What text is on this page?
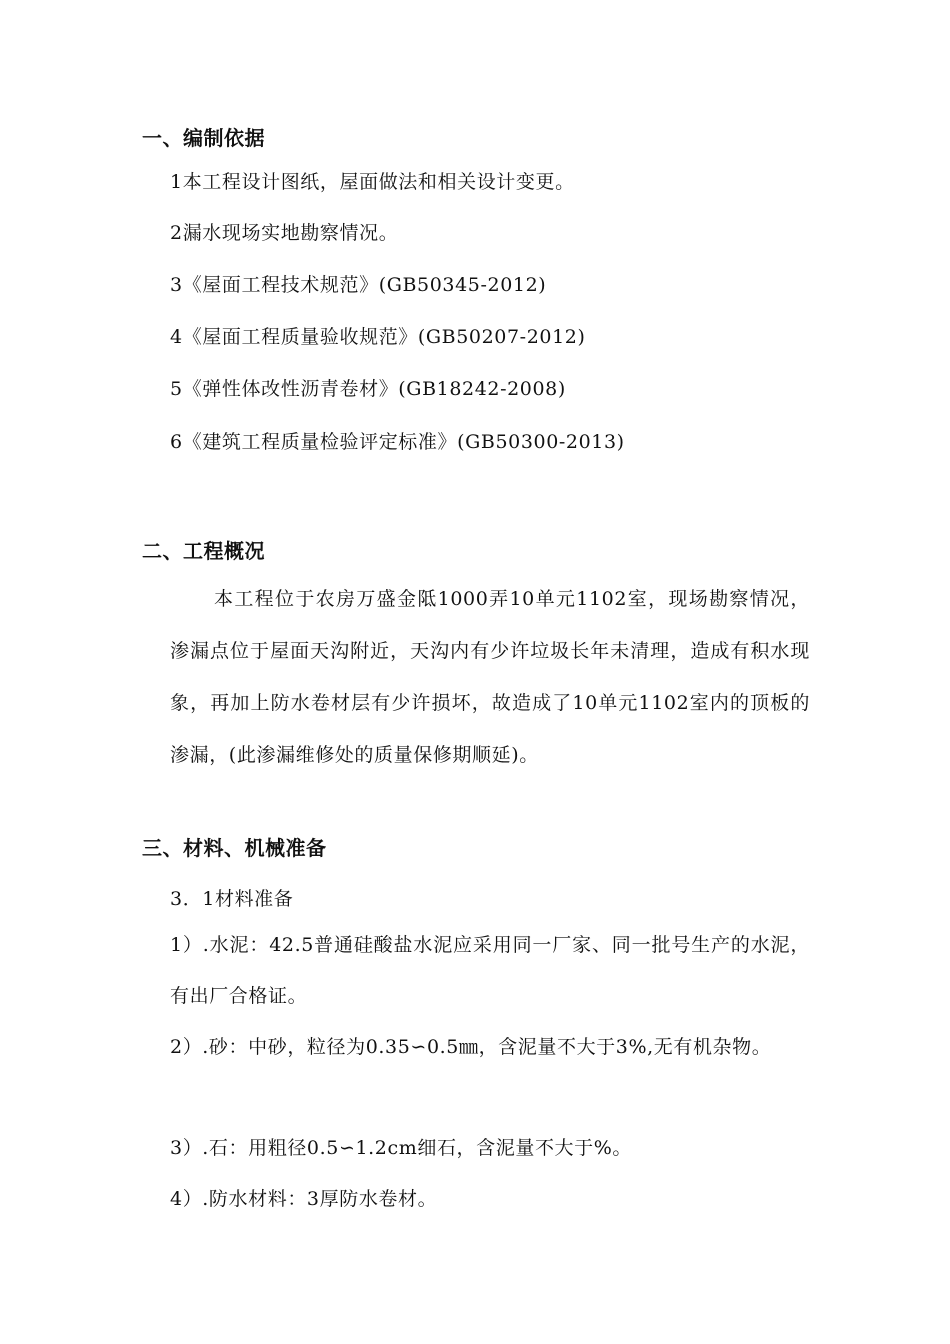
一、编制依据
1本工程设计图纸，屋面做法和相关设计变更。
2漏水现场实地勘察情况。
3《屋面工程技术规范》(GB50345-2012)
4《屋面工程质量验收规范》(GB50207-2012)
5《弹性体改性沥青卷材》(GB18242-2008)
6《建筑工程质量检验评定标准》(GB50300-2013)
二、工程概况
本工程位于农房万盛金阺1000弄10单元1102室，现场勘察情况，渗漏点位于屋面天沟附近，天沟内有少许垃圾长年未清理，造成有积水现象，再加上防水卷材层有少许损坏，故造成了10单元1102室内的顶板的渗漏，(此渗漏维修处的质量保修期顺延)。
三、材料、机械准备
3．1材料准备
1）.水泥：42.5普通硅酸盐水泥应采用同一厂家、同一批号生产的水泥，有出厂合格证。
2）.砂：中砂，粒径为0.35∽0.5㎜，含泥量不大于3%,无有机杂物。
3）.石：用粗径0.5∽1.2cm细石，含泥量不大于%。
4）.防水材料：3厚防水卷材。
